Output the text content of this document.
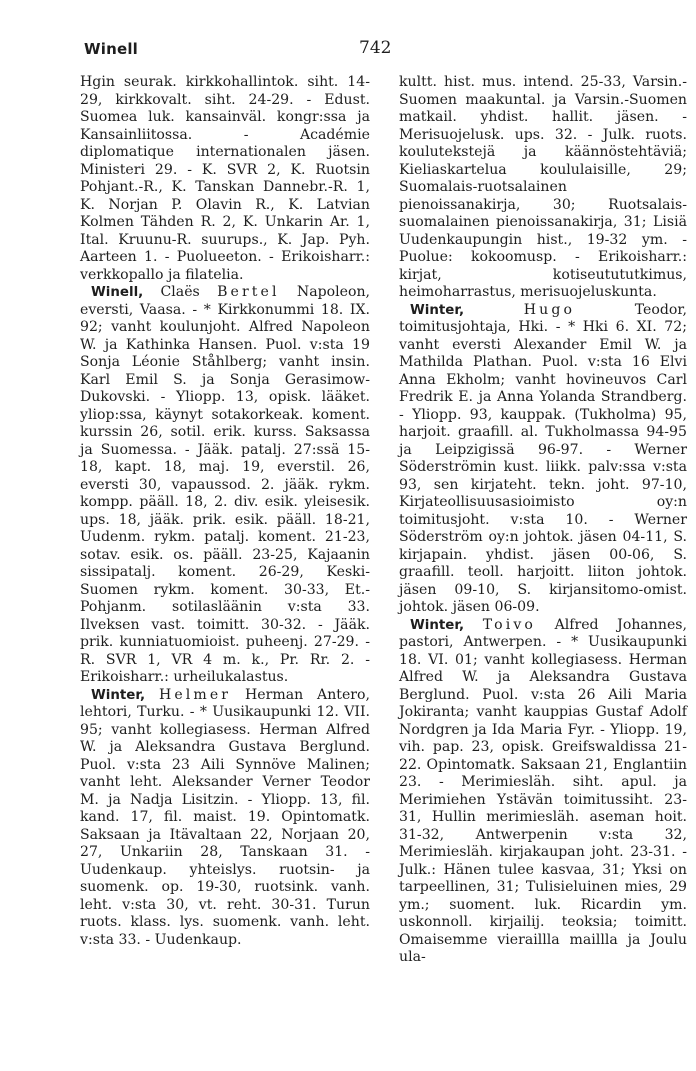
Winell	742

Hgin seurak. kirkkohallintok. siht. 14-29, kirkkovalt. siht. 24-29. - Edust. Suomea luk. kansainväl. kongr:ssa ja Kansainliitossa. - Académie diplomatique internationalen jäsen. Ministeri 29. - K. SVR 2, K. Ruotsin Pohjant.-R., K. Tanskan Dannebr.-R. 1, K. Norjan P. Olavin R., K. Latvian Kolmen Tähden R. 2, K. Unkarin Ar. 1, Ital. Kruunu-R. suurups., K. Jap. Pyh. Aarteen 1. - Puolueeton. - Erikoisharr.: verkkopallo ja filatelia.

Winell, Claës Bertel Napoleon, eversti, Vaasa. - * Kirkkonummi 18. IX. 92; vanht koulunjoht. Alfred Napoleon W. ja Kathinka Hansen. Puol. v:sta 19 Sonja Léonie Ståhlberg; vanht insin. Karl Emil S. ja Sonja Gerasimow-Dukovski. - Yliopp. 13, opisk. lääket. yliop:ssa, käynyt sotakorkeak. koment. kurssin 26, sotil. erik. kurss. Saksassa ja Suomessa. - Jääk. patalj. 27:ssä 15-18, kapt. 18, maj. 19, everstil. 26, eversti 30, vapaussod. 2. jääk. rykm. kompp. pääll. 18, 2. div. esik. yleisesik. ups. 18, jääk. prik. esik. pääll. 18-21, Uudenm. rykm. patalj. koment. 21-23, sotav. esik. os. pääll. 23-25, Kajaanin sissipatalj. koment. 26-29, Keski-Suomen rykm. koment. 30-33, Et.-Pohjanm. sotilasläänin v:sta 33. Ilveksen vast. toimitt. 30-32. - Jääk. prik. kunniatuomioist. puheenj. 27-29. - R. SVR 1, VR 4 m. k., Pr. Rr. 2. - Erikoisharr.: urheilukalastus.

Winter, Helmer Herman Antero, lehtori, Turku. - * Uusikaupunki 12. VII. 95; vanht kollegiasess. Herman Alfred W. ja Aleksandra Gustava Berglund. Puol. v:sta 23 Aili Synnöve Malinen; vanht leht. Aleksander Verner Teodor M. ja Nadja Lisitzin. - Yliopp. 13, fil. kand. 17, fil. maist. 19. Opintomatk. Saksaan ja Itävaltaan 22, Norjaan 20, 27, Unkariin 28, Tanskaan 31. - Uudenkaup. yhteislys. ruotsin- ja suomenk. op. 19-30, ruotsink. vanh. leht. v:sta 30, vt. reht. 30-31. Turun ruots. klass. lys. suomenk. vanh. leht. v:sta 33. - Uudenkaup.

kultt. hist. mus. intend. 25-33, Varsin.-Suomen maakuntal. ja Varsin.-Suomen matkail. yhdist. hallit. jäsen. - Merisuojelusk. ups. 32. - Julk. ruots. koulutekstejä ja käännöstehtäviä; Kieliaskartelua koululaisille, 29; Suomalais-ruotsalainen pienoissanakirja, 30; Ruotsalais-suomalainen pienoissanakirja, 31; Lisiä Uudenkaupungin hist., 19-32 ym. - Puolue: kokoomusp. - Erikoisharr.: kirjat, kotiseutututkimus, heimoharrastus, merisuojeluskunta.

Winter,	Hugo	Teodor, toimitusjohtaja, Hki. - * Hki 6. XI. 72; vanht eversti Alexander Emil W. ja Mathilda Plathan. Puol. v:sta 16 Elvi Anna Ekholm; vanht hovineuvos Carl Fredrik E. ja Anna Yolanda Strandberg. - Yliopp. 93, kauppak. (Tukholma) 95, harjoit. graafill. al. Tukholmassa 94-95 ja Leipzigissä 96-97. - Werner Söderströmin kust. liikk. palv:ssa v:sta 93, sen kirjateht. tekn. joht. 97-10, Kirjateollisuusasioimisto oy:n toimitusjoht. v:sta 10. - Werner Söderström oy:n johtok. jäsen 04-11, S. kirjapain. yhdist. jäsen 00-06, S. graafill. teoll. harjoitt. liiton johtok. jäsen 09-10, S. kirjansitomo-omist. johtok. jäsen 06-09.

Winter, Toivo Alfred Johannes, pastori, Antwerpen. - * Uusikaupunki 18. VI. 01; vanht kollegiasess. Herman Alfred W. ja Aleksandra Gustava Berglund. Puol. v:sta 26 Aili Maria Jokiranta; vanht kauppias Gustaf Adolf Nordgren ja Ida Maria Fyr. - Yliopp. 19, vih. pap. 23, opisk. Greifswaldissa 21-22. Opintomatk. Saksaan 21, Englantiin 23. - Merimiesläh. siht. apul. ja Merimiehen Ystävän toimitussiht. 23-31, Hullin merimiesläh. aseman hoit. 31-32, Antwerpenin v:sta 32, Merimiesläh. kirjakaupan joht. 23-31. - Julk.: Hänen tulee kasvaa, 31; Yksi on tarpeellinen, 31; Tulisieluinen mies, 29 ym.; suoment. luk. Ricardin ym. uskonnoll. kirjailij. teoksia; toimitt. Omaisemme vieraillla maillla ja Joulu ula-
